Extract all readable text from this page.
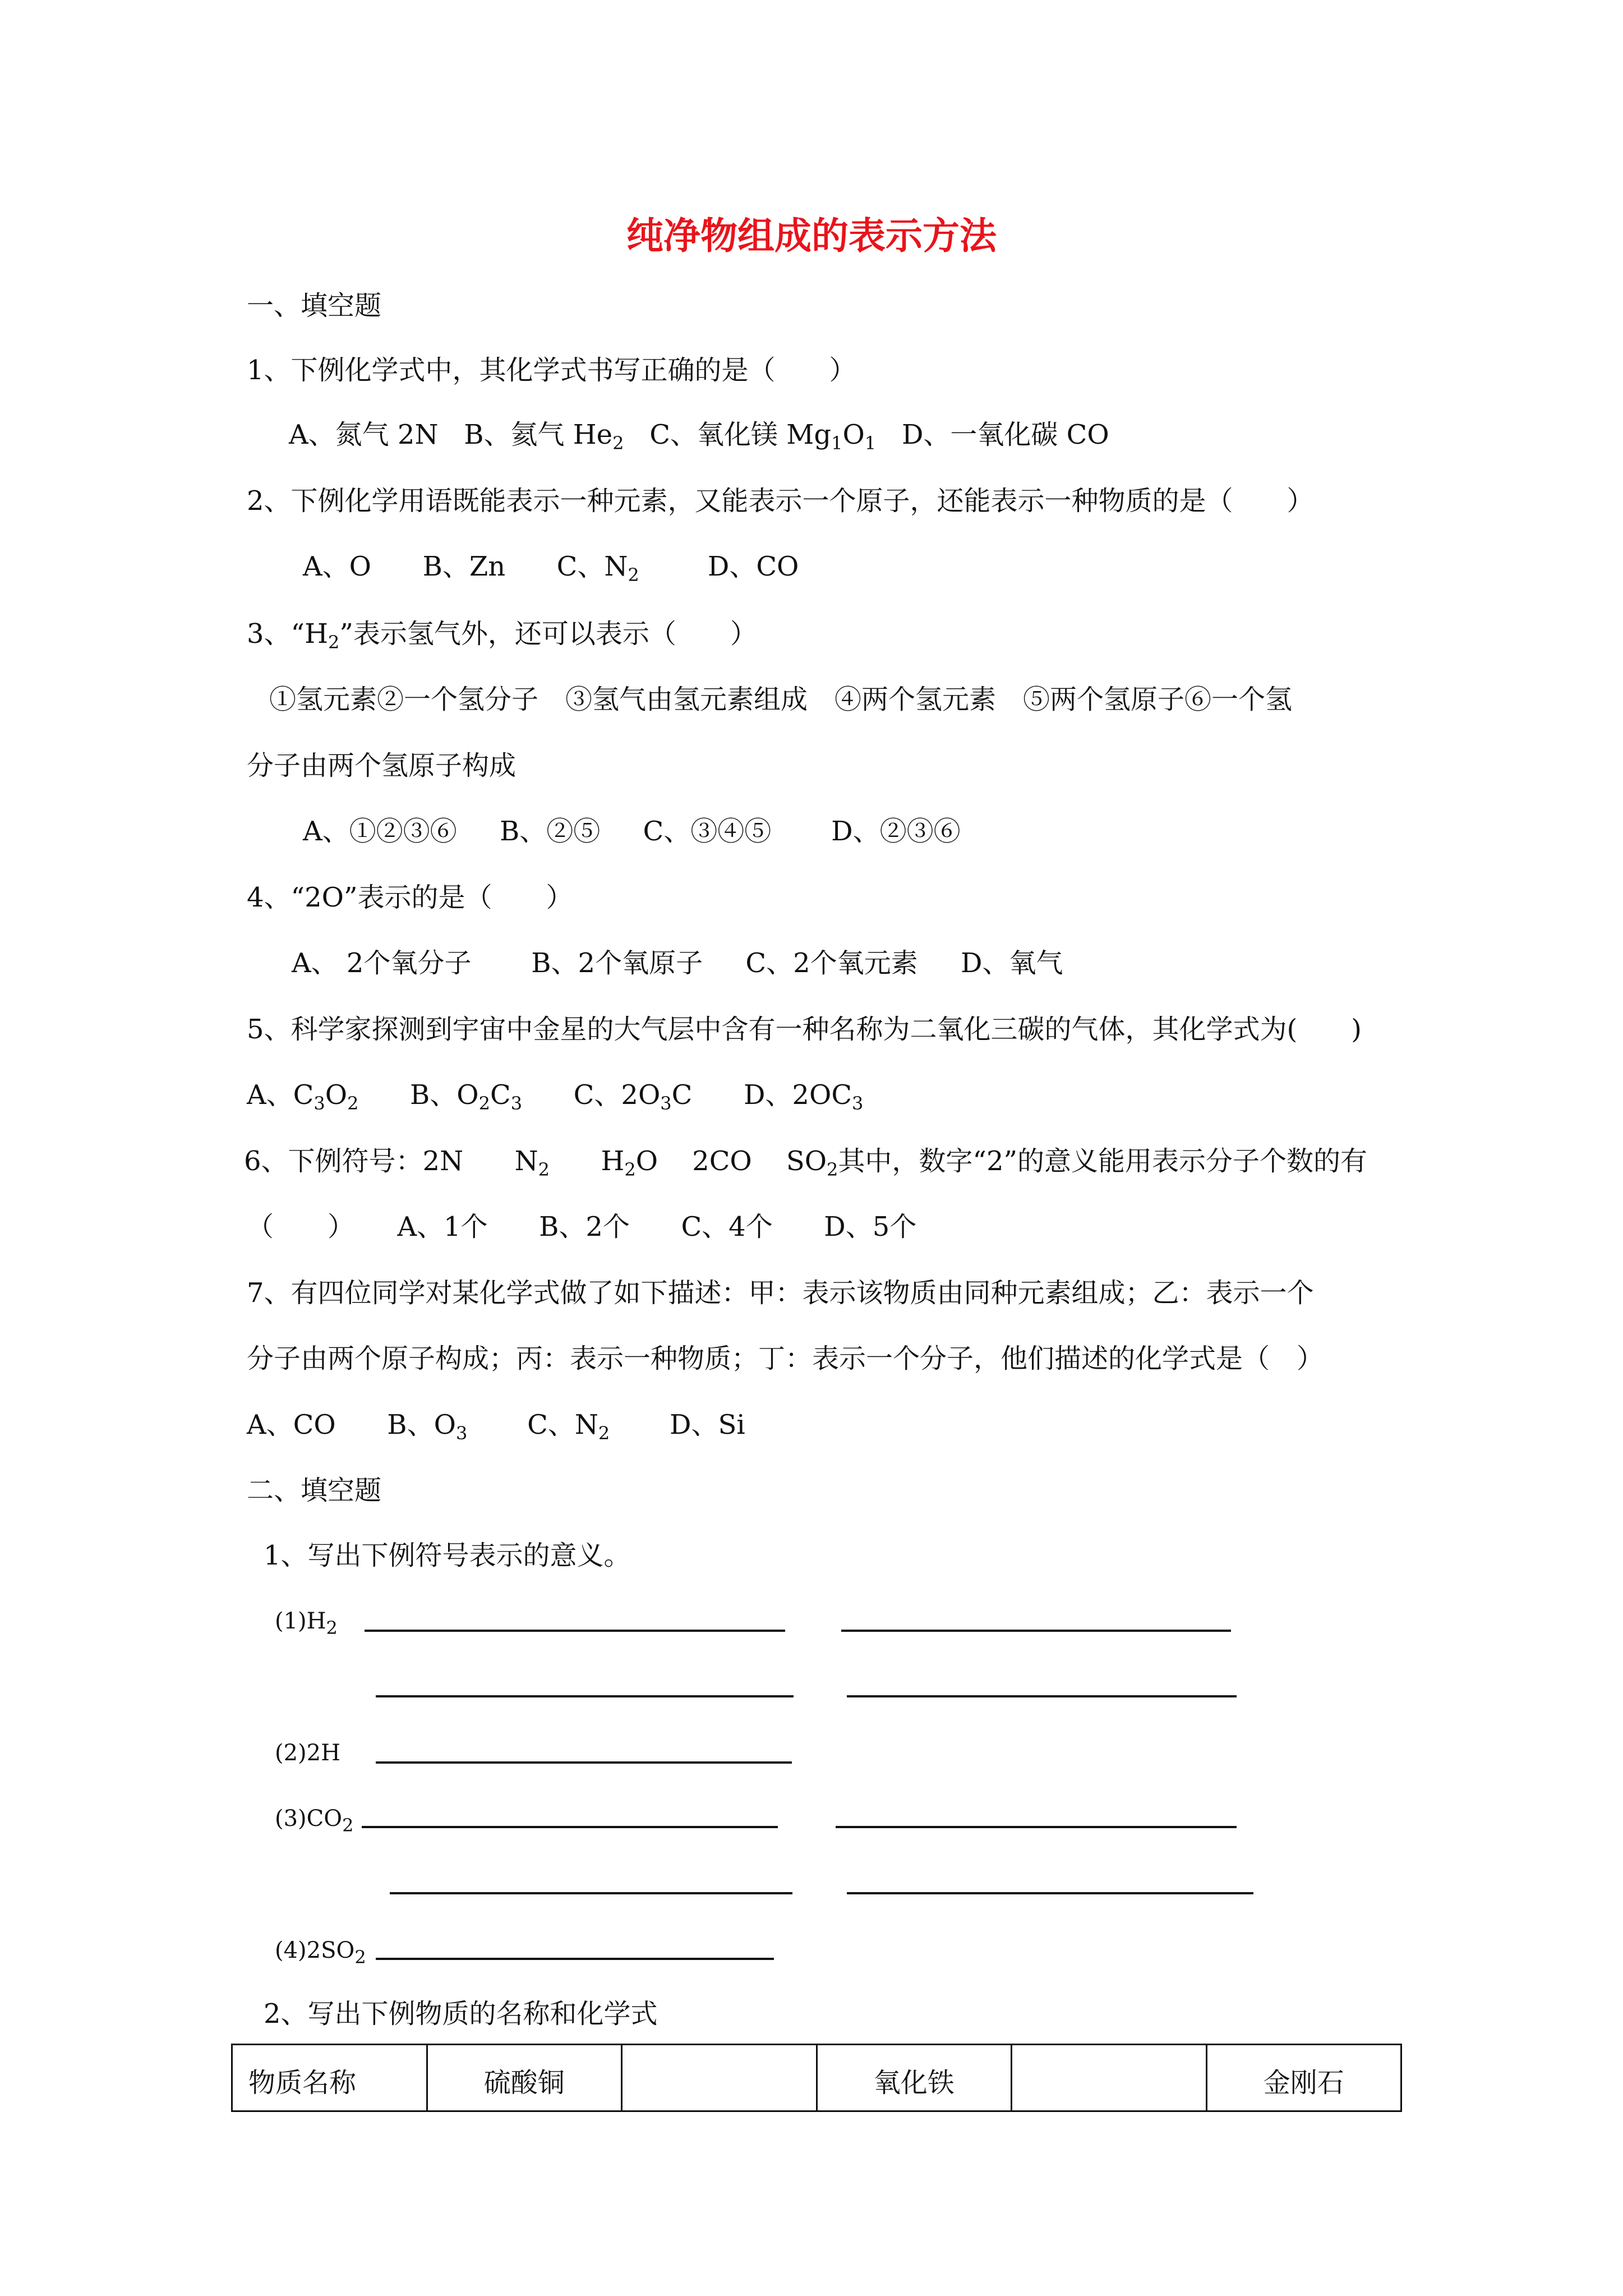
纯净物组成的表示方法
一、填空题
1、下例化学式中，其化学式书写正确的是（　　）
A、氮气 2N B、氦气 $He_2$ C、氧化镁 $Mg_1O_1$ D、一氧化碳 CO
2、下例化学用语既能表示一种元素，又能表示一个原子，还能表示一种物质的是（　　）
A、O B、Zn C、$N_2$	D、CO
3、“$H_2$”表示氢气外，还可以表示（　　）
①氢元素②一个氢分子　③氢气由氢元素组成　④两个氢元素　⑤两个氢原子⑥一个氢
分子由两个氢原子构成
A、①②③⑥ B、②⑤ C、③④⑤ D、②③⑥
4、“2O”表示的是（　　）
A、 2个氧分子 B、2个氧原子 C、2个氧元素 D、氧气
5、科学家探测到宇宙中金星的大气层中含有一种名称为二氧化三碳的气体，其化学式为(　　)
A、$C_3O_2$ B、$O_2C_3$ C、$2O_3C$ D、$2OC_3$
6、下例符号：2N $N_2$ $H_2O$ 2CO $SO_2$其中，数字“2”的意义能用表示分子个数的有
（　　） A、1个 B、2个 C、4个 D、5个
7、有四位同学对某化学式做了如下描述：甲：表示该物质由同种元素组成；乙：表示一个
分子由两个原子构成；丙：表示一种物质；丁：表示一个分子，他们描述的化学式是（　）
A、CO B、$O_3$ C、$N_2$ D、Si
二、填空题
1、写出下例符号表示的意义。
$(1)H_2$
(2)2H
$(3)CO_2$
$(4)2SO_2$
2、写出下例物质的名称和化学式
物质名称	硫酸铜		氧化铁		金刚石
